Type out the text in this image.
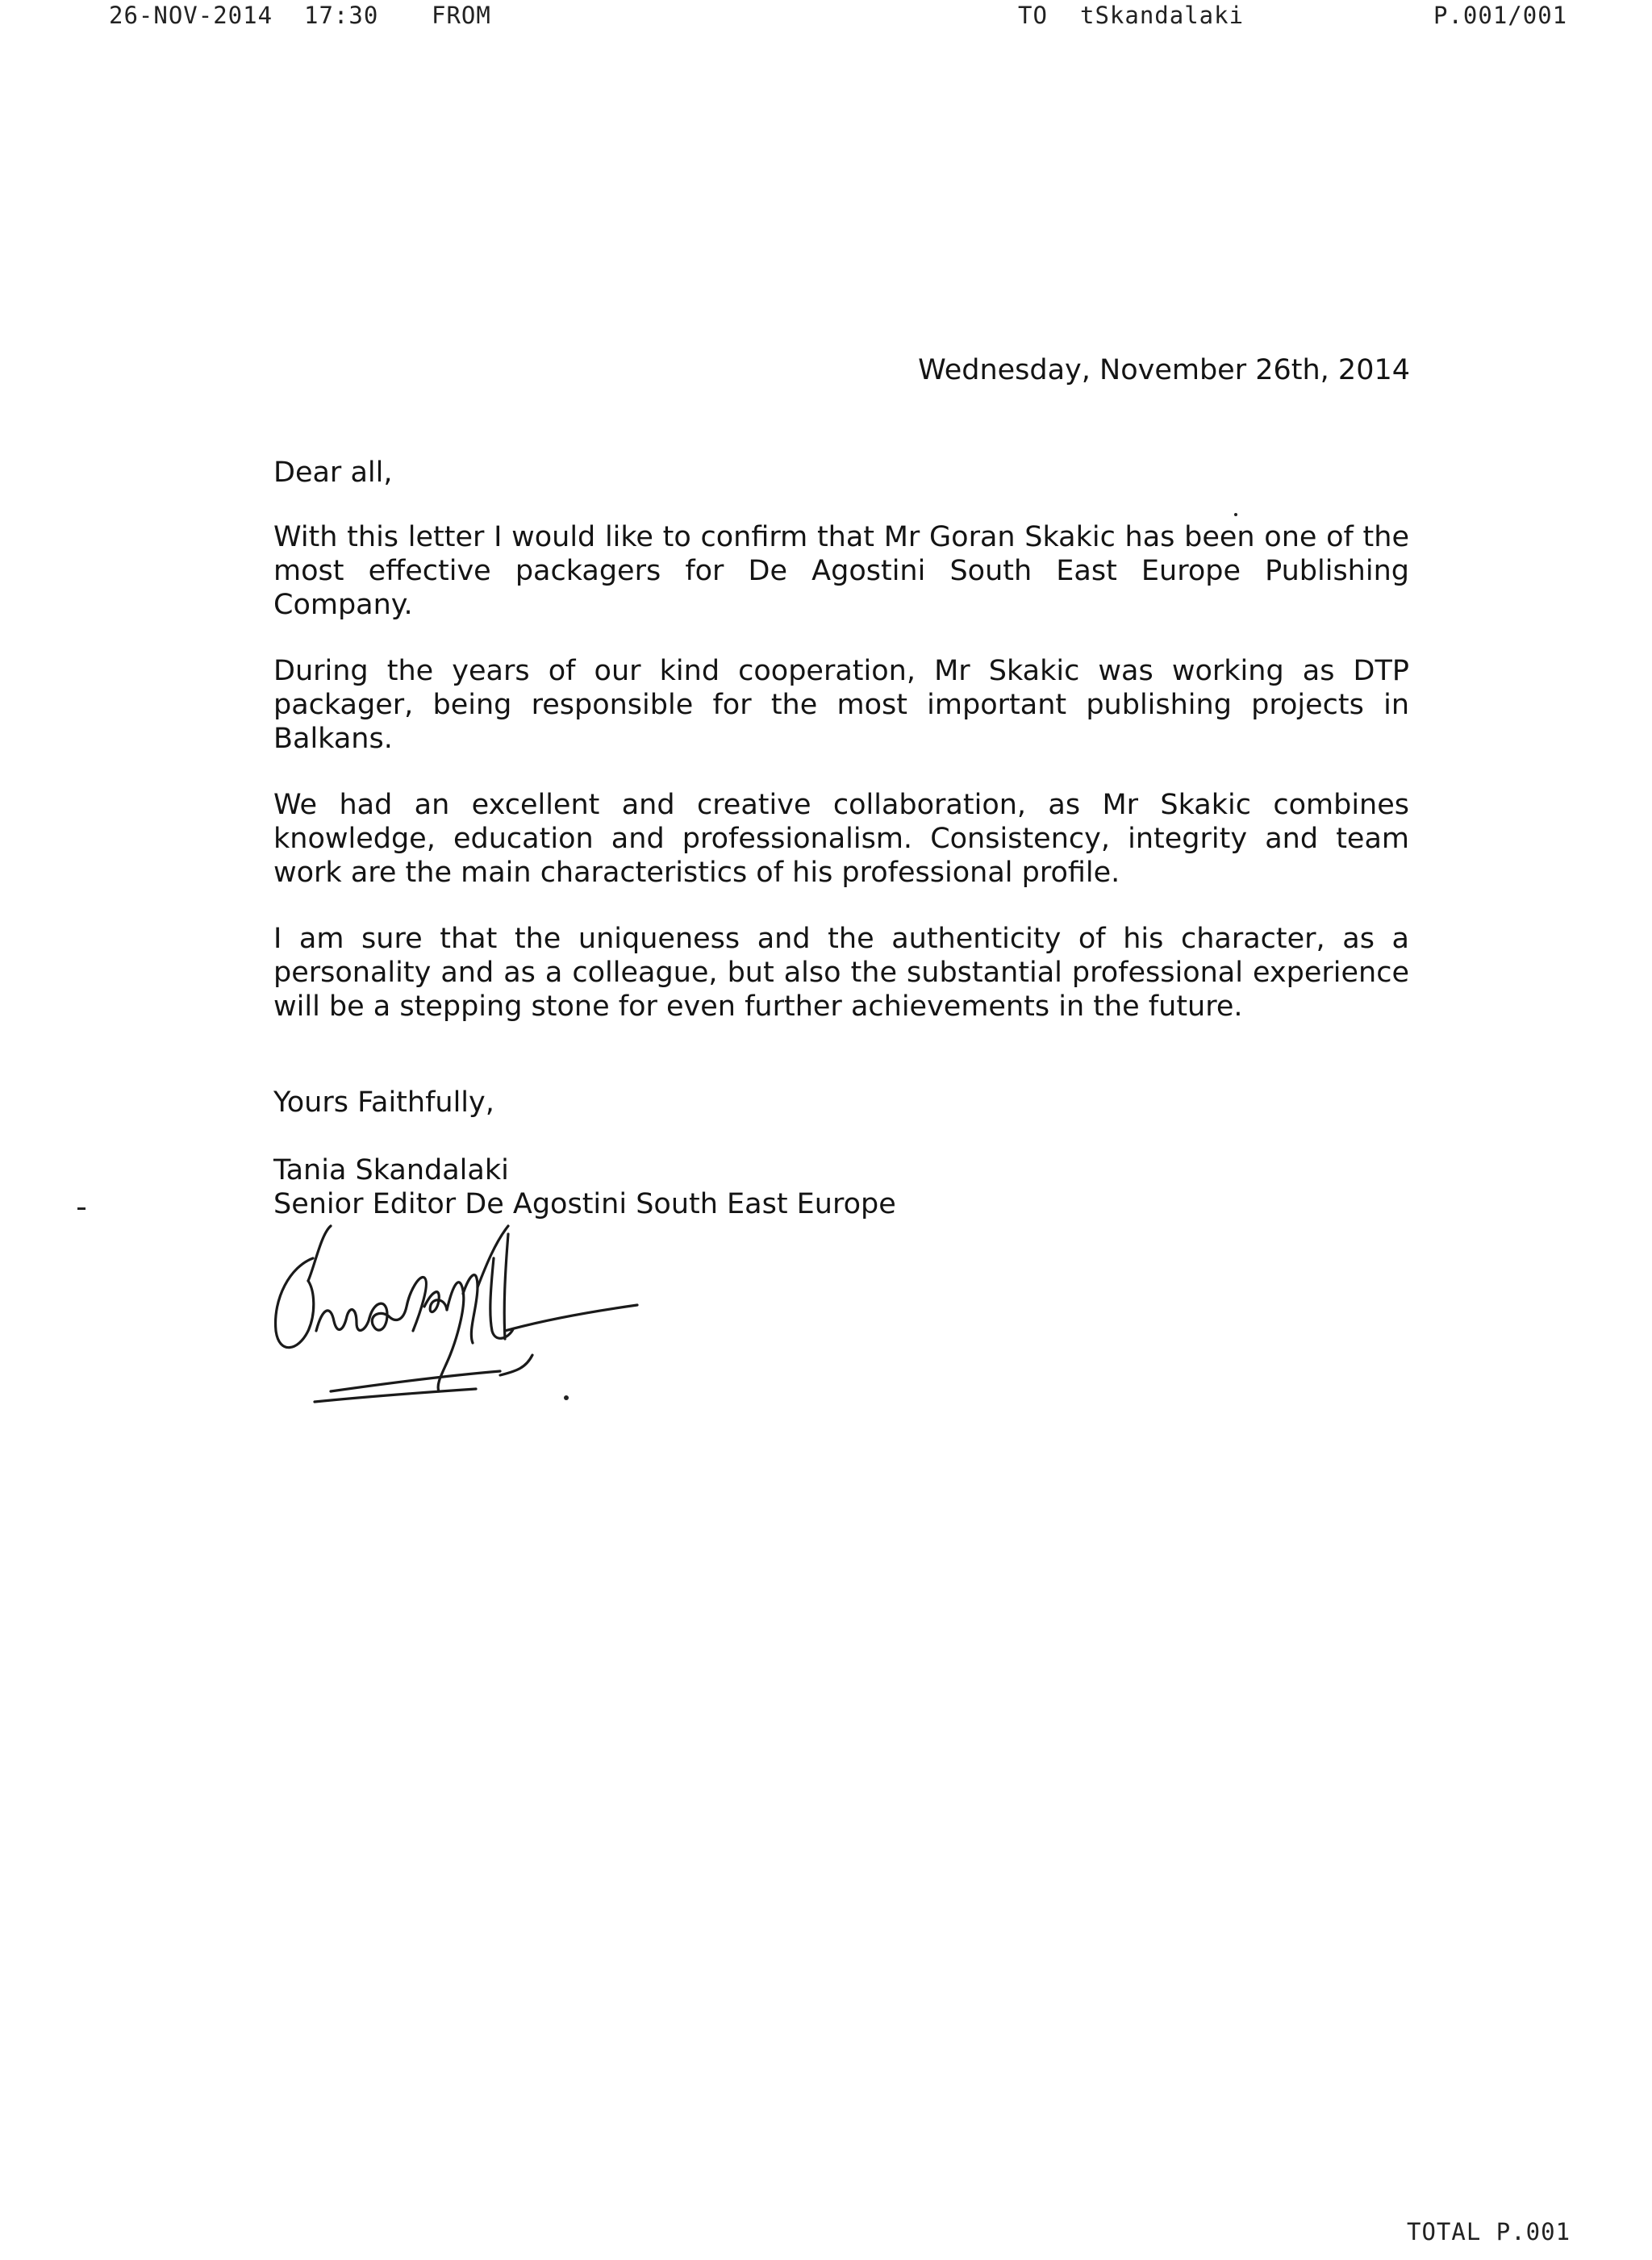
26-NOV-2014 17:30 FROM	TO tSkandalaki	P.001/001
Wednesday, November 26th, 2014

Dear all,

With this letter I would like to confirm that Mr Goran Skakic has been one of the most effective packagers for De Agostini South East Europe Publishing Company.

During the years of our kind cooperation, Mr Skakic was working as DTP packager, being responsible for the most important publishing projects in Balkans.

We had an excellent and creative collaboration, as Mr Skakic combines knowledge, education and professionalism. Consistency, integrity and team work are the main characteristics of his professional profile.

I am sure that the uniqueness and the authenticity of his character, as a personality and as a colleague, but also the substantial professional experience will be a stepping stone for even further achievements in the future.

Yours Faithfully,

Tania Skandalaki

Senior Editor De Agostini South East Europe

TOTAL P.001
